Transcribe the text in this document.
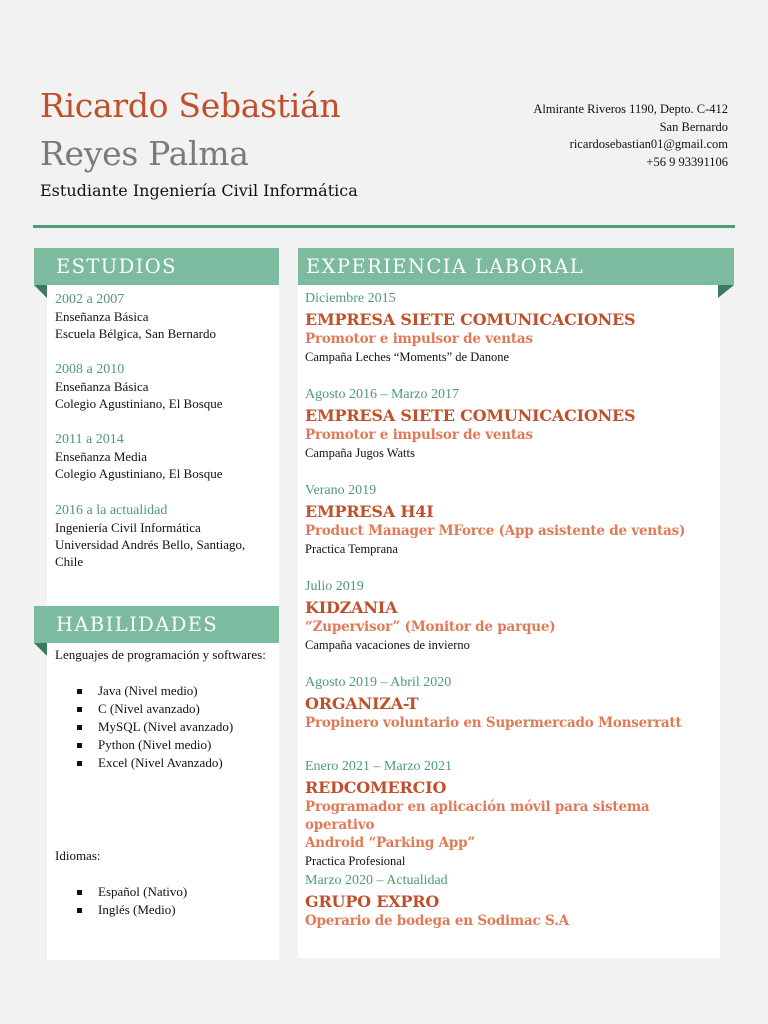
Ricardo Sebastián
Reyes Palma
Estudiante Ingeniería Civil Informática
Almirante Riveros 1190, Depto. C-412
San Bernardo
ricardosebastian01@gmail.com
+56 9 93391106
ESTUDIOS
HABILIDADES
EXPERIENCIA LABORAL
2002 a 2007
Enseñanza Básica
Escuela Bélgica, San Bernardo
2008 a 2010
Enseñanza Básica
Colegio Agustiniano, El Bosque
2011 a 2014
Enseñanza Media
Colegio Agustiniano, El Bosque
2016 a la actualidad
Ingeniería Civil Informática
Universidad Andrés Bello, Santiago,
Chile
Lenguajes de programación y softwares:
Java (Nivel medio)
C (Nivel avanzado)
MySQL (Nivel avanzado)
Python (Nivel medio)
Excel (Nivel Avanzado)
Idiomas:
Español (Nativo)
Inglés (Medio)
Diciembre 2015
EMPRESA SIETE COMUNICACIONES
Promotor e impulsor de ventas
Campaña Leches “Moments” de Danone
Agosto 2016 – Marzo 2017
EMPRESA SIETE COMUNICACIONES
Promotor e impulsor de ventas
Campaña Jugos Watts
Verano 2019
EMPRESA H4I
Product Manager MForce (App asistente de ventas)
Practica Temprana
Julio 2019
KIDZANIA
“Zupervisor” (Monitor de parque)
Campaña vacaciones de invierno
Agosto 2019 – Abril 2020
ORGANIZA-T
Propinero voluntario en Supermercado Monserratt
Enero 2021 – Marzo 2021
REDCOMERCIO
Programador en aplicación móvil para sistema operativo
Android “Parking App”
Practica Profesional
Marzo 2020 – Actualidad
GRUPO EXPRO
Operario de bodega en Sodimac S.A
